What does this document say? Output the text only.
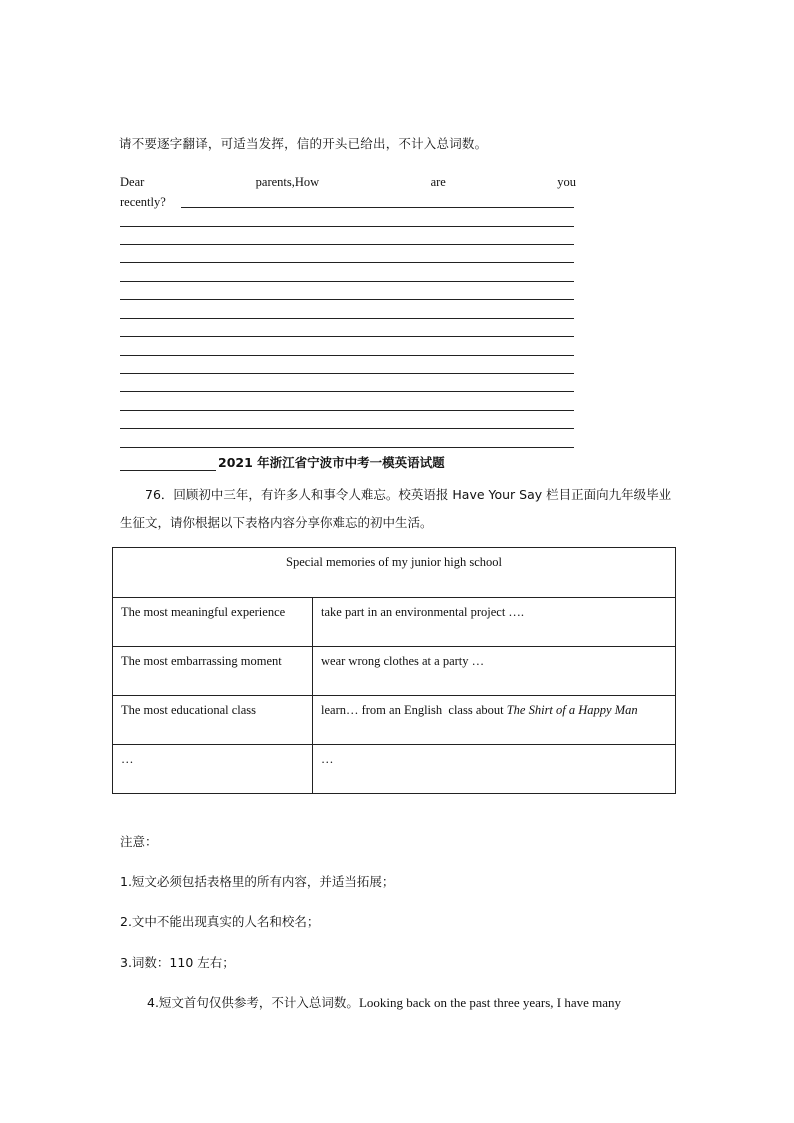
请不要逐字翻译，可适当发挥，信的开头已给出，不计入总词数。
Dear	parents,How	are	you
recently?
2021 年浙江省宁波市中考一模英语试题
76．回顾初中三年，有许多人和事令人难忘。校英语报 Have Your Say 栏目正面向九年级毕业生征文，请你根据以下表格内容分享你难忘的初中生活。
Special memories of my junior high school	
The most meaningful experience	take part in an environmental project ….
The most embarrassing moment	wear wrong clothes at a party …
The most educational class	learn… from an English  class about The Shirt of a Happy Man
…	…
注意：
1.短文必须包括表格里的所有内容，并适当拓展；
2.文中不能出现真实的人名和校名；
3.词数：110 左右；
4.短文首句仅供参考，不计入总词数。Looking back on the past three years, I have many
